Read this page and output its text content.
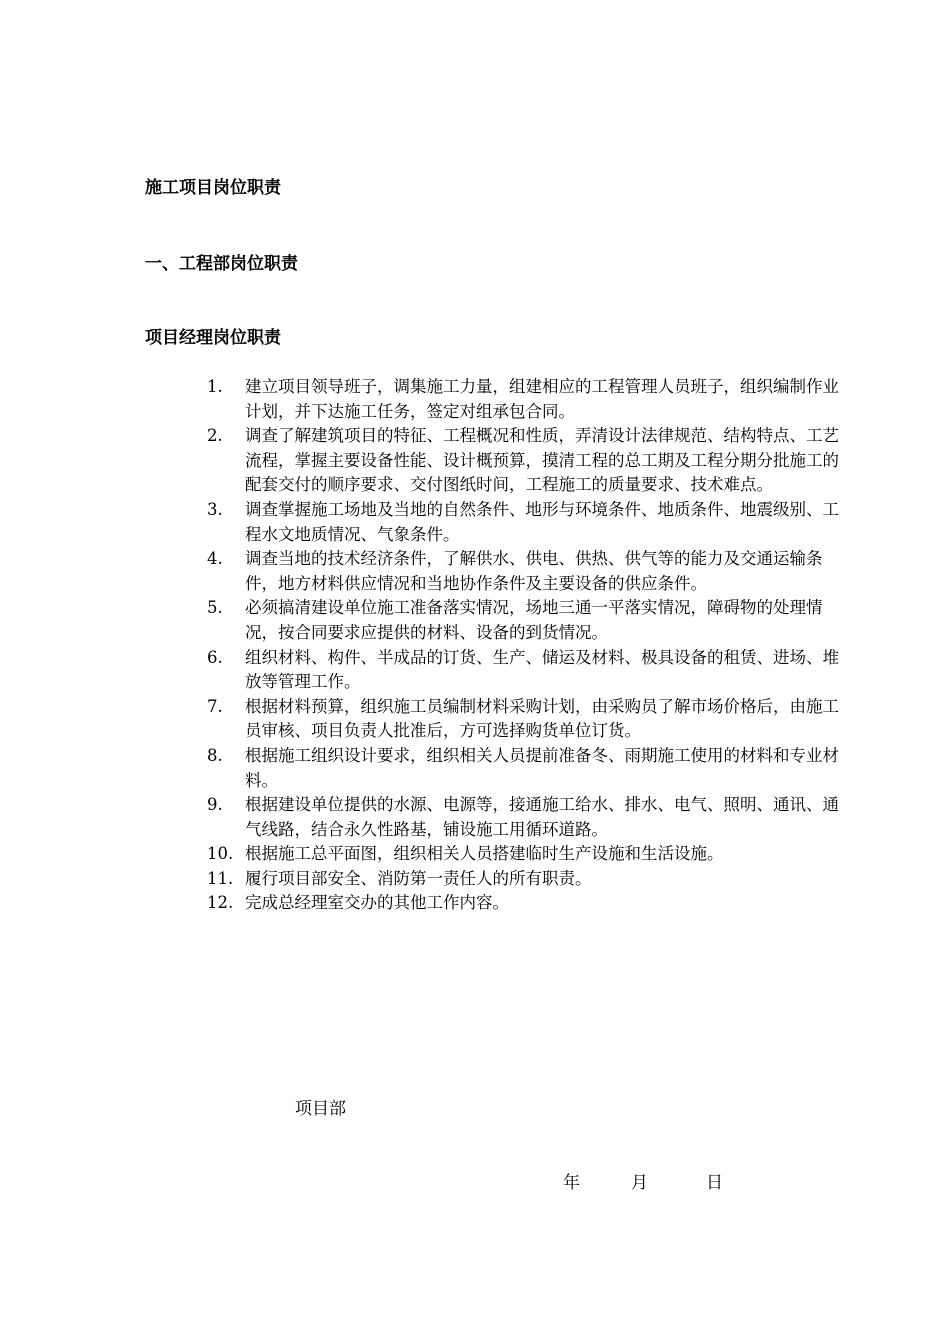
施工项目岗位职责
一、工程部岗位职责
项目经理岗位职责
1.	建立项目领导班子，调集施工力量，组建相应的工程管理人员班子，组织编制作业计划，并下达施工任务，签定对组承包合同。
2.	调查了解建筑项目的特征、工程概况和性质，弄清设计法律规范、结构特点、工艺流程，掌握主要设备性能、设计概预算，摸清工程的总工期及工程分期分批施工的配套交付的顺序要求、交付图纸时间，工程施工的质量要求、技术难点。
3.	调查掌握施工场地及当地的自然条件、地形与环境条件、地质条件、地震级别、工程水文地质情况、气象条件。
4.	调查当地的技术经济条件，了解供水、供电、供热、供气等的能力及交通运输条件，地方材料供应情况和当地协作条件及主要设备的供应条件。
5.	必须搞清建设单位施工准备落实情况，场地三通一平落实情况，障碍物的处理情况，按合同要求应提供的材料、设备的到货情况。
6.	组织材料、构件、半成品的订货、生产、储运及材料、极具设备的租赁、进场、堆放等管理工作。
7.	根据材料预算，组织施工员编制材料采购计划，由采购员了解市场价格后，由施工员审核、项目负责人批准后，方可选择购货单位订货。
8.	根据施工组织设计要求，组织相关人员提前准备冬、雨期施工使用的材料和专业材料。
9.	根据建设单位提供的水源、电源等，接通施工给水、排水、电气、照明、通讯、通气线路，结合永久性路基，铺设施工用循环道路。
10. 根据施工总平面图，组织相关人员搭建临时生产设施和生活设施。
11. 履行项目部安全、消防第一责任人的所有职责。
12. 完成总经理室交办的其他工作内容。
项目部
年	月	日
